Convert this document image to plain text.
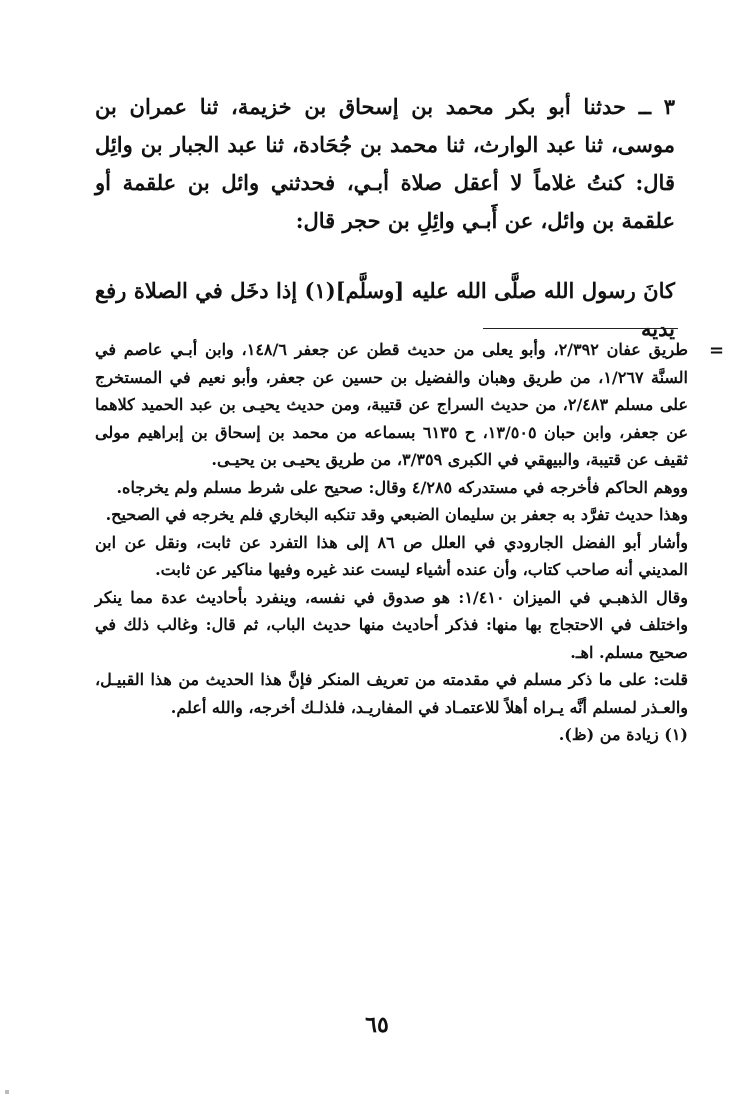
٣ ــ حدثنا أبو بكر محمد بن إسحاق بن خزيمة، ثنا عمران بن موسى، ثنا عبد الوارث، ثنا محمد بن جُحَادة، ثنا عبد الجبار بن وائِل قال: كنتُ غلاماً لا أعقل صلاة أبـي، فحدثني وائل بن علقمة أو علقمة بن وائل، عن أَبـي وائِلِ بن حجر قال:

كانَ رسول الله صلَّى الله عليه [وسلَّم](١) إذا دخَل في الصلاة رفع يديه

=

طريق عفان ٢/٣٩٢، وأبو يعلى من حديث قطن عن جعفر ١٤٨/٦، وابن أبـي عاصم في السنَّة ١/٢٦٧، من طريق وهبان والفضيل بن حسين عن جعفر، وأبو نعيم في المستخرج على مسلم ٢/٤٨٣، من حديث السراج عن قتيبة، ومن حديث يحيـى بن عبد الحميد كلاهما عن جعفر، وابن حبان ١٣/٥٠٥، ح ٦١٣٥ بسماعه من محمد بن إسحاق بن إبراهيم مولى ثقيف عن قتيبة، والبيهقي في الكبرى ٣/٣٥٩، من طريق يحيـى بن يحيـى.

ووهم الحاكم فأخرجه في مستدركه ٤/٢٨٥ وقال: صحيح على شرط مسلم ولم يخرجاه.

وهذا حديث تفرَّد به جعفر بن سليمان الضبعي وقد تنكبه البخاري فلم يخرجه في الصحيح.

وأشار أبو الفضل الجارودي في العلل ص ٨٦ إلى هذا التفرد عن ثابت، ونقل عن ابن المديني أنه صاحب كتاب، وأن عنده أشياء ليست عند غيره وفيها مناكير عن ثابت.

وقال الذهبـي في الميزان ١/٤١٠: هو صدوق في نفسه، وينفرد بأحاديث عدة مما ينكر واختلف في الاحتجاج بها منها: فذكر أحاديث منها حديث الباب، ثم قال: وغالب ذلك في صحيح مسلم. اهـ.

قلت: على ما ذكر مسلم في مقدمته من تعريف المنكر فإنَّ هذا الحديث من هذا القبيـل، والعـذر لمسلم أنَّه يـراه أهلاً للاعتمـاد في المفاريـد، فلذلـك أخرجه، والله أعلم.

(١) زيادة من (ظ).

٦٥
